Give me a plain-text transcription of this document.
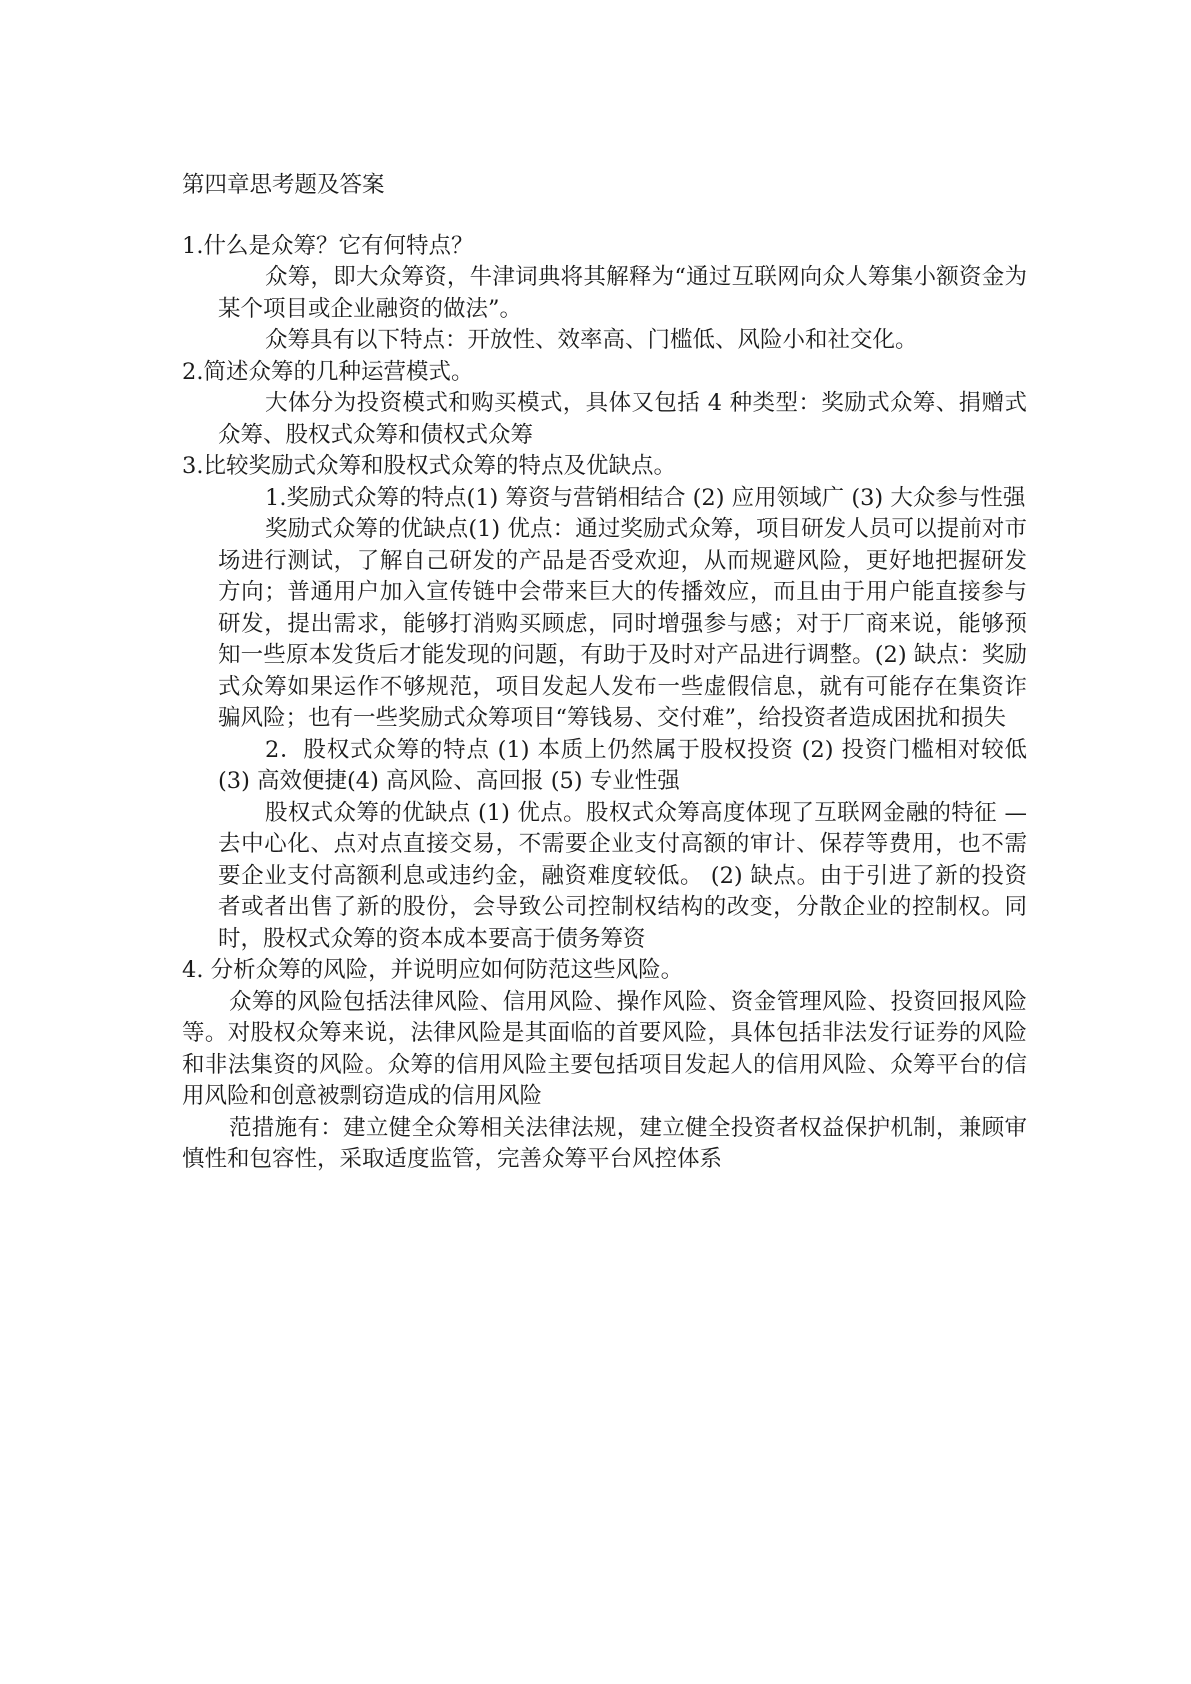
第四章思考题及答案

1.什么是众筹？它有何特点？

众筹，即大众筹资，牛津词典将其解释为“通过互联网向众人筹集小额资金为某个项目或企业融资的做法”。

众筹具有以下特点：开放性、效率高、门槛低、风险小和社交化。

2.简述众筹的几种运营模式。

大体分为投资模式和购买模式，具体又包括 4 种类型：奖励式众筹、捐赠式众筹、股权式众筹和债权式众筹

3.比较奖励式众筹和股权式众筹的特点及优缺点。

1.奖励式众筹的特点(1) 筹资与营销相结合 (2) 应用领域广 (3) 大众参与性强

奖励式众筹的优缺点(1) 优点：通过奖励式众筹，项目研发人员可以提前对市场进行测试，了解自己研发的产品是否受欢迎，从而规避风险，更好地把握研发方向；普通用户加入宣传链中会带来巨大的传播效应，而且由于用户能直接参与研发，提出需求，能够打消购买顾虑，同时增强参与感；对于厂商来说，能够预知一些原本发货后才能发现的问题，有助于及时对产品进行调整。(2) 缺点：奖励式众筹如果运作不够规范，项目发起人发布一些虚假信息，就有可能存在集资诈骗风险；也有一些奖励式众筹项目“筹钱易、交付难”，给投资者造成困扰和损失

2．股权式众筹的特点 (1) 本质上仍然属于股权投资 (2) 投资门槛相对较低 (3) 高效便捷(4) 高风险、高回报 (5) 专业性强

股权式众筹的优缺点 (1) 优点。股权式众筹高度体现了互联网金融的特征 — 去中心化、点对点直接交易，不需要企业支付高额的审计、保荐等费用，也不需要企业支付高额利息或违约金，融资难度较低。 (2) 缺点。由于引进了新的投资者或者出售了新的股份，会导致公司控制权结构的改变，分散企业的控制权。同时，股权式众筹的资本成本要高于债务筹资

4. 分析众筹的风险，并说明应如何防范这些风险。

众筹的风险包括法律风险、信用风险、操作风险、资金管理风险、投资回报风险等。对股权众筹来说，法律风险是其面临的首要风险，具体包括非法发行证券的风险和非法集资的风险。众筹的信用风险主要包括项目发起人的信用风险、众筹平台的信用风险和创意被剽窃造成的信用风险

范措施有：建立健全众筹相关法律法规，建立健全投资者权益保护机制，兼顾审慎性和包容性，采取适度监管，完善众筹平台风控体系
